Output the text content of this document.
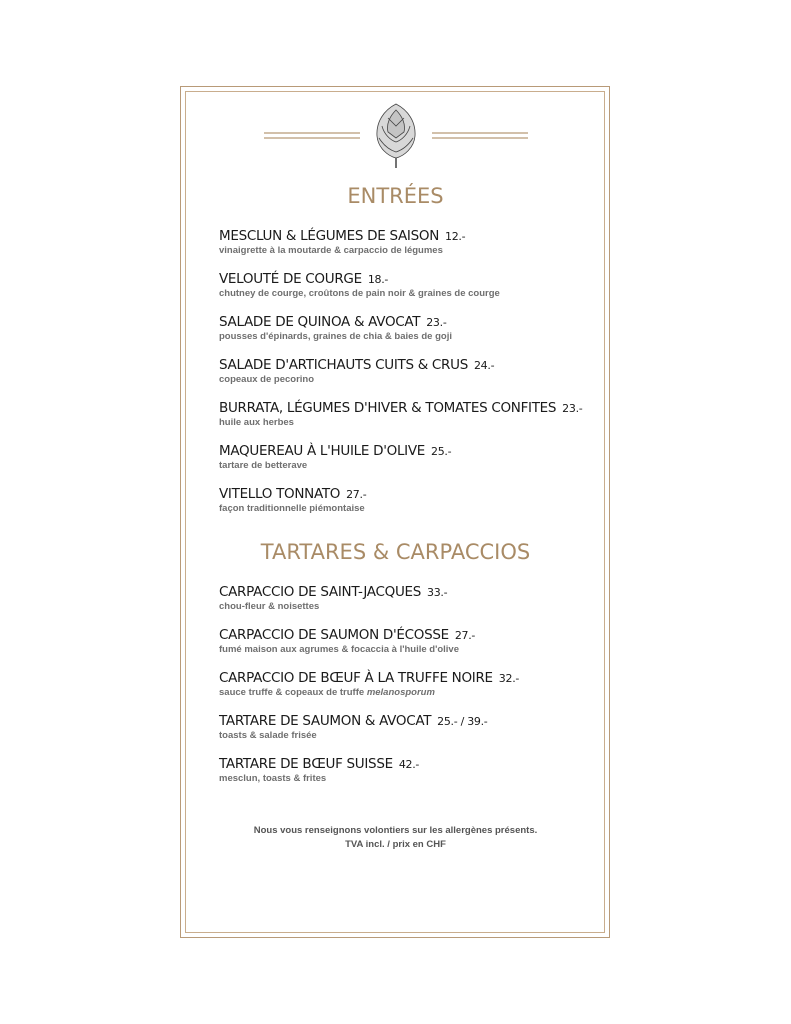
ENTRÉES
MESCLUN & LÉGUMES DE SAISON 12.-
vinaigrette à la moutarde & carpaccio de légumes
VELOUTÉ DE COURGE 18.-
chutney de courge, croûtons de pain noir & graines de courge
SALADE DE QUINOA & AVOCAT 23.-
pousses d'épinards, graines de chia & baies de goji
SALADE D'ARTICHAUTS CUITS & CRUS 24.-
copeaux de pecorino
BURRATA, LÉGUMES D'HIVER & TOMATES CONFITES 23.-
huile aux herbes
MAQUEREAU À L'HUILE D'OLIVE 25.-
tartare de betterave
VITELLO TONNATO 27.-
façon traditionnelle piémontaise
TARTARES & CARPACCIOS
CARPACCIO DE SAINT-JACQUES 33.-
chou-fleur & noisettes
CARPACCIO DE SAUMON D'ÉCOSSE 27.-
fumé maison aux agrumes & focaccia à l'huile d'olive
CARPACCIO DE BŒUF À LA TRUFFE NOIRE 32.-
sauce truffe & copeaux de truffe melanosporum
TARTARE DE SAUMON & AVOCAT 25.- / 39.-
toasts & salade frisée
TARTARE DE BŒUF SUISSE 42.-
mesclun, toasts & frites
Nous vous renseignons volontiers sur les allergènes présents.
TVA incl. / prix en CHF
